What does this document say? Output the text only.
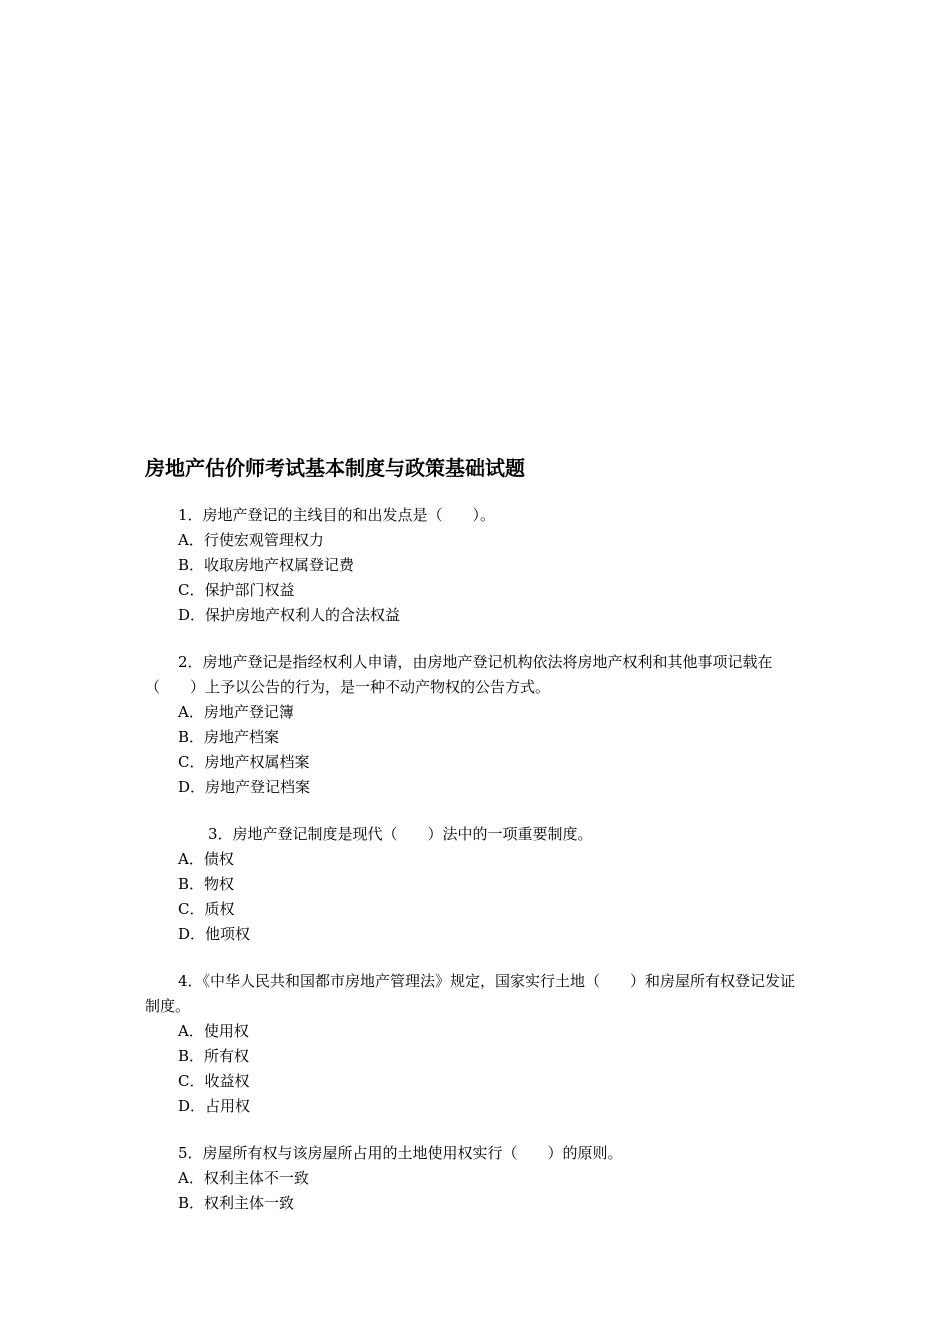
房地产估价师考试基本制度与政策基础试题

1．房地产登记的主线目的和出发点是（　　）。

A．行使宏观管理权力

B．收取房地产权属登记费

C．保护部门权益

D．保护房地产权利人的合法权益

2．房地产登记是指经权利人申请，由房地产登记机构依法将房地产权利和其他事项记载在（　　）上予以公告的行为，是一种不动产物权的公告方式。

A．房地产登记簿

B．房地产档案

C．房地产权属档案

D．房地产登记档案

3．房地产登记制度是现代（　　）法中的一项重要制度。

A．债权

B．物权

C．质权

D．他项权

4．《中华人民共和国都市房地产管理法》规定，国家实行土地（　　）和房屋所有权登记发证制度。

A．使用权

B．所有权

C．收益权

D．占用权

5．房屋所有权与该房屋所占用的土地使用权实行（　　）的原则。

A．权利主体不一致

B．权利主体一致
